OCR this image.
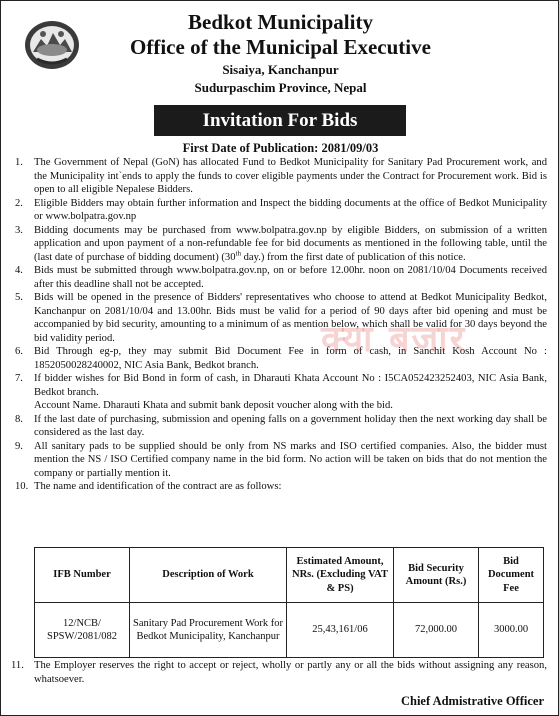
Bedkot Municipality
Office of the Municipal Executive
Sisaiya, Kanchanpur
Sudurpaschim Province, Nepal
Invitation For Bids
First Date of Publication: 2081/09/03
1. The Government of Nepal (GoN) has allocated Fund to Bedkot Municipality for Sanitary Pad Procurement work, and the Municipality int`ends to apply the funds to cover eligible payments under the Contract for Procurement work. Bid is open to all eligible Nepalese Bidders.
2. Eligible Bidders may obtain further information and Inspect the bidding documents at the office of Bedkot Municipality or www.bolpatra.gov.np
3. Bidding documents may be purchased from www.bolpatra.gov.np by eligible Bidders, on submission of a written application and upon payment of a non-refundable fee for bid documents as mentioned in the following table, until the (last date of purchase of bidding document) (30th day.) from the first date of publication of this notice.
4. Bids must be submitted through www.bolpatra.gov.np, on or before 12.00hr. noon on 2081/10/04 Documents received after this deadline shall not be accepted.
5. Bids will be opened in the presence of Bidders' representatives who choose to attend at Bedkot Municipality Bedkot, Kanchanpur on 2081/10/04 and 13.00hr. Bids must be valid for a period of 90 days after bid opening and must be accompanied by bid security, amounting to a minimum of as mention below, which shall be valid for 30 days beyond the bid validity period.
6. Bid Through eg-p, they may submit Bid Document Fee in form of cash, in Sanchit Kosh Account No : 1852050028240002, NIC Asia Bank, Bedkot branch.
7. If bidder wishes for Bid Bond in form of cash, in Dharauti Khata Account No : I5CA052423252403, NIC Asia Bank, Bedkot branch.
Account Name. Dharauti Khata and submit bank deposit voucher along with the bid.
8. If the last date of purchasing, submission and opening falls on a government holiday then the next working day shall be considered as the last day.
9. All sanitary pads to be supplied should be only from NS marks and ISO certified companies. Also, the bidder must mention the NS / ISO Certified company name in the bid form. No action will be taken on bids that do not mention the company or partially mention it.
10. The name and identification of the contract are as follows:
क्या बजार
IFB Number	Description of Work	Estimated Amount, NRs. (Excluding VAT & PS)	Bid Security Amount (Rs.)	Bid Document Fee
12/NCB/ SPSW/2081/082	Sanitary Pad Procurement Work for Bedkot Municipality, Kanchanpur	25,43,161/06	72,000.00	3000.00
11. The Employer reserves the right to accept or reject, wholly or partly any or all the bids without assigning any reason, whatsoever.
Chief Admistrative Officer
